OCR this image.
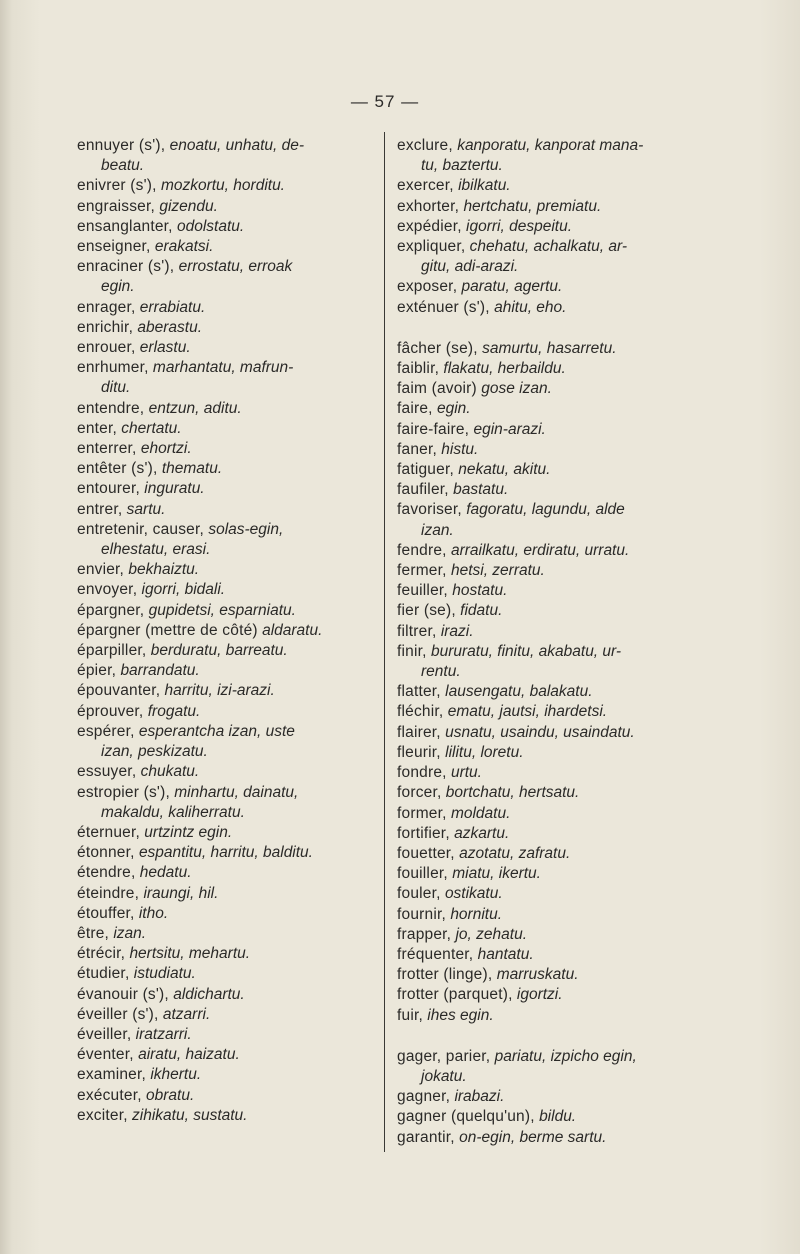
— 57 —
ennuyer (s'), enoatu, unhatu, de-
beatu.
enivrer (s'), mozkortu, horditu.
engraisser, gizendu.
ensanglanter, odolstatu.
enseigner, erakatsi.
enraciner (s'), errostatu, erroak
egin.
enrager, errabiatu.
enrichir, aberastu.
enrouer, erlastu.
enrhumer, marhantatu, mafrun-
ditu.
entendre, entzun, aditu.
enter, chertatu.
enterrer, ehortzi.
entêter (s'), thematu.
entourer, inguratu.
entrer, sartu.
entretenir, causer, solas-egin,
elhestatu, erasi.
envier, bekhaiztu.
envoyer, igorri, bidali.
épargner, gupidetsi, esparniatu.
épargner (mettre de côté) aldaratu.
éparpiller, berduratu, barreatu.
épier, barrandatu.
épouvanter, harritu, izi-arazi.
éprouver, frogatu.
espérer, esperantcha izan, uste
izan, peskizatu.
essuyer, chukatu.
estropier (s'), minhartu, dainatu,
makaldu, kaliherratu.
éternuer, urtzintz egin.
étonner, espantitu, harritu, balditu.
étendre, hedatu.
éteindre, iraungi, hil.
étouffer, itho.
être, izan.
étrécir, hertsitu, mehartu.
étudier, istudiatu.
évanouir (s'), aldichartu.
éveiller (s'), atzarri.
éveiller, iratzarri.
éventer, airatu, haizatu.
examiner, ikhertu.
exécuter, obratu.
exciter, zihikatu, sustatu.
exclure, kanporatu, kanporat mana-
tu, baztertu.
exercer, ibilkatu.
exhorter, hertchatu, premiatu.
expédier, igorri, despeitu.
expliquer, chehatu, achalkatu, ar-
gitu, adi-arazi.
exposer, paratu, agertu.
exténuer (s'), ahitu, eho.
fâcher (se), samurtu, hasarretu.
faiblir, flakatu, herbaildu.
faim (avoir) gose izan.
faire, egin.
faire-faire, egin-arazi.
faner, histu.
fatiguer, nekatu, akitu.
faufiler, bastatu.
favoriser, fagoratu, lagundu, alde
izan.
fendre, arrailkatu, erdiratu, urratu.
fermer, hetsi, zerratu.
feuiller, hostatu.
fier (se), fidatu.
filtrer, irazi.
finir, bururatu, finitu, akabatu, ur-
rentu.
flatter, lausengatu, balakatu.
fléchir, ematu, jautsi, ihardetsi.
flairer, usnatu, usaindu, usaindatu.
fleurir, lilitu, loretu.
fondre, urtu.
forcer, bortchatu, hertsatu.
former, moldatu.
fortifier, azkartu.
fouetter, azotatu, zafratu.
fouiller, miatu, ikertu.
fouler, ostikatu.
fournir, hornitu.
frapper, jo, zehatu.
fréquenter, hantatu.
frotter (linge), marruskatu.
frotter (parquet), igortzi.
fuir, ihes egin.
gager, parier, pariatu, izpicho egin,
jokatu.
gagner, irabazi.
gagner (quelqu'un), bildu.
garantir, on-egin, berme sartu.
